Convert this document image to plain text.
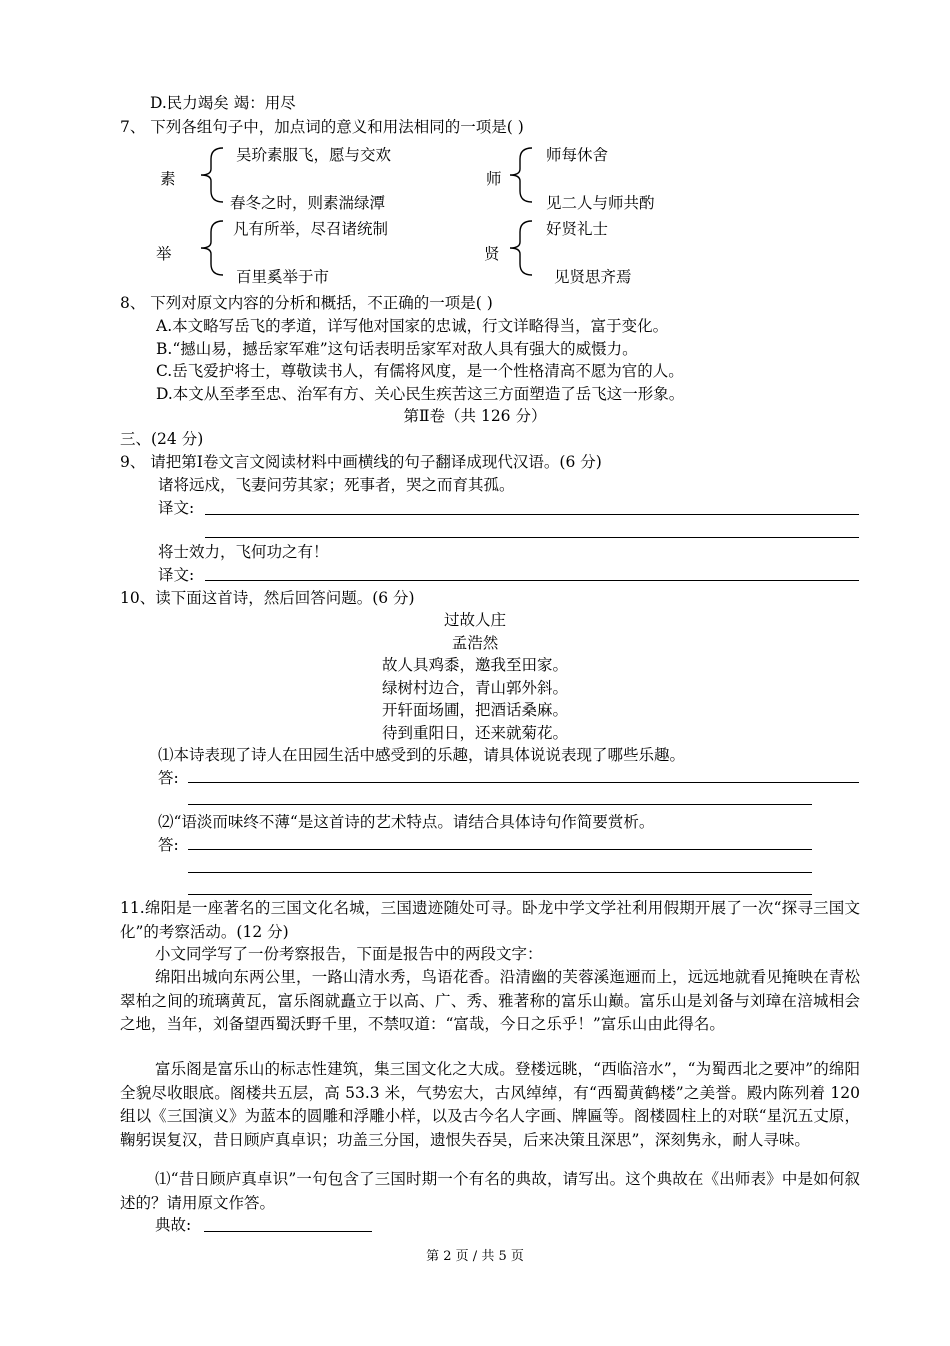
D.民力竭矣 竭：用尽
7、 下列各组句子中，加点词的意义和用法相同的一项是( )
素
吴玠素服飞，愿与交欢
春冬之时，则素湍绿潭
师
师每休舍
见二人与师共酌
举
凡有所举，尽召诸统制
百里奚举于市
贤
好贤礼士
见贤思齐焉
8、 下列对原文内容的分析和概括，不正确的一项是( )
A.本文略写岳飞的孝道，详写他对国家的忠诚，行文详略得当，富于变化。
B.“撼山易，撼岳家军难”这句话表明岳家军对敌人具有强大的威慑力。
C.岳飞爱护将士，尊敬读书人，有儒将风度，是一个性格清高不愿为官的人。
D.本文从至孝至忠、治军有方、关心民生疾苦这三方面塑造了岳飞这一形象。
第Ⅱ卷（共 126 分）
三、(24 分)
9、 请把第Ⅰ卷文言文阅读材料中画横线的句子翻译成现代汉语。(6 分)
诸将远戍，飞妻问劳其家；死事者，哭之而育其孤。
译文:
将士效力，飞何功之有！
译文:
10、读下面这首诗，然后回答问题。(6 分)
过故人庄
孟浩然
故人具鸡黍，邀我至田家。
绿树村边合，青山郭外斜。
开轩面场圃，把酒话桑麻。
待到重阳日，还来就菊花。
⑴本诗表现了诗人在田园生活中感受到的乐趣，请具体说说表现了哪些乐趣。
答:
⑵“语淡而味终不薄“是这首诗的艺术特点。请结合具体诗句作简要赏析。
答:
11.绵阳是一座著名的三国文化名城，三国遗迹随处可寻。卧龙中学文学社利用假期开展了一次“探寻三国文化”的考察活动。(12 分)
小文同学写了一份考察报告，下面是报告中的两段文字：
绵阳出城向东两公里，一路山清水秀，鸟语花香。沿清幽的芙蓉溪迤逦而上，远远地就看见掩映在青松翠柏之间的琉璃黄瓦，富乐阁就矗立于以高、广、秀、雅著称的富乐山巅。富乐山是刘备与刘璋在涪城相会之地，当年，刘备望西蜀沃野千里，不禁叹道：“富哉，今日之乐乎！”富乐山由此得名。
富乐阁是富乐山的标志性建筑，集三国文化之大成。登楼远眺，“西临涪水”，“为蜀西北之要冲”的绵阳全貌尽收眼底。阁楼共五层，高 53.3 米，气势宏大，古风绰绰，有“西蜀黄鹤楼”之美誉。殿内陈列着 120 组以《三国演义》为蓝本的圆雕和浮雕小样，以及古今名人字画、牌匾等。阁楼圆柱上的对联“星沉五丈原，鞠躬误复汉，昔日顾庐真卓识；功盖三分国，遗恨失吞吴，后来决策且深思”，深刻隽永，耐人寻味。
⑴“昔日顾庐真卓识”一句包含了三国时期一个有名的典故，请写出。这个典故在《出师表》中是如何叙述的？请用原文作答。
典故:
第 2 页 / 共 5 页
